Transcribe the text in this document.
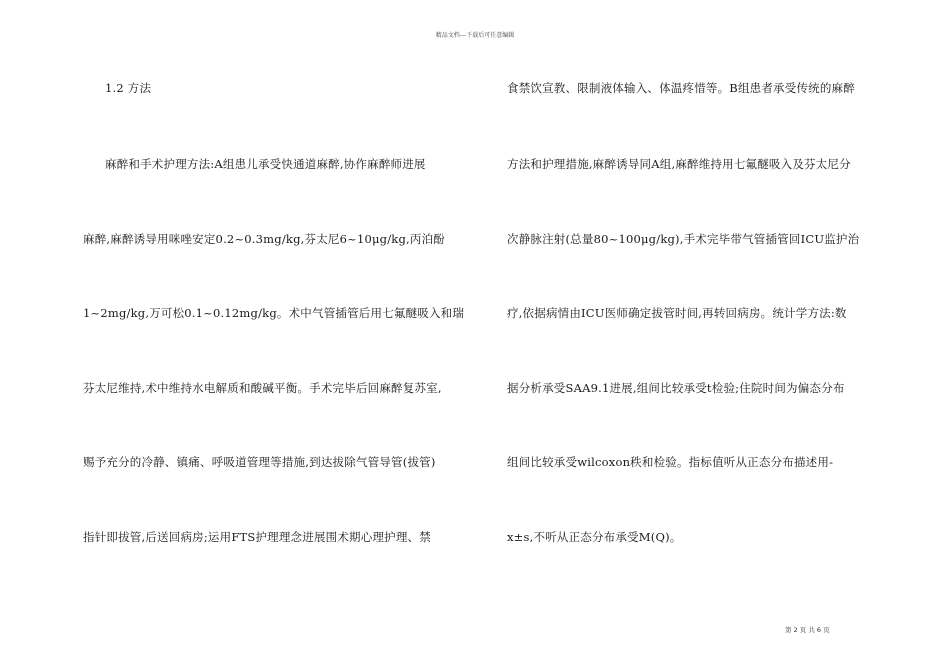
精品文档---下载后可任意编辑
1.2 方法
麻醉和手术护理方法:A组患儿承受快通道麻醉,协作麻醉师进展
麻醉,麻醉诱导用咪唑安定0.2~0.3mg/kg,芬太尼6~10μg/kg,丙泊酚
1~2mg/kg,万可松0.1~0.12mg/kg。术中气管插管后用七氟醚吸入和瑞
芬太尼维持,术中维持水电解质和酸碱平衡。手术完毕后回麻醉复苏室,
赐予充分的冷静、镇痛、呼吸道管理等措施,到达拔除气管导管(拔管)
指针即拔管,后送回病房;运用FTS护理理念进展围术期心理护理、禁
食禁饮宣教、限制液体输入、体温疼惜等。B组患者承受传统的麻醉
方法和护理措施,麻醉诱导同A组,麻醉维持用七氟醚吸入及芬太尼分
次静脉注射(总量80~100μg/kg),手术完毕带气管插管回ICU监护治
疗,依据病情由ICU医师确定拔管时间,再转回病房。统计学方法:数
据分析承受SAA9.1进展,组间比较承受t检验;住院时间为偏态分布
组间比较承受wilcoxon秩和检验。指标值听从正态分布描述用-
x±s,不听从正态分布承受M(Q)。
第 2 页 共 6 页
